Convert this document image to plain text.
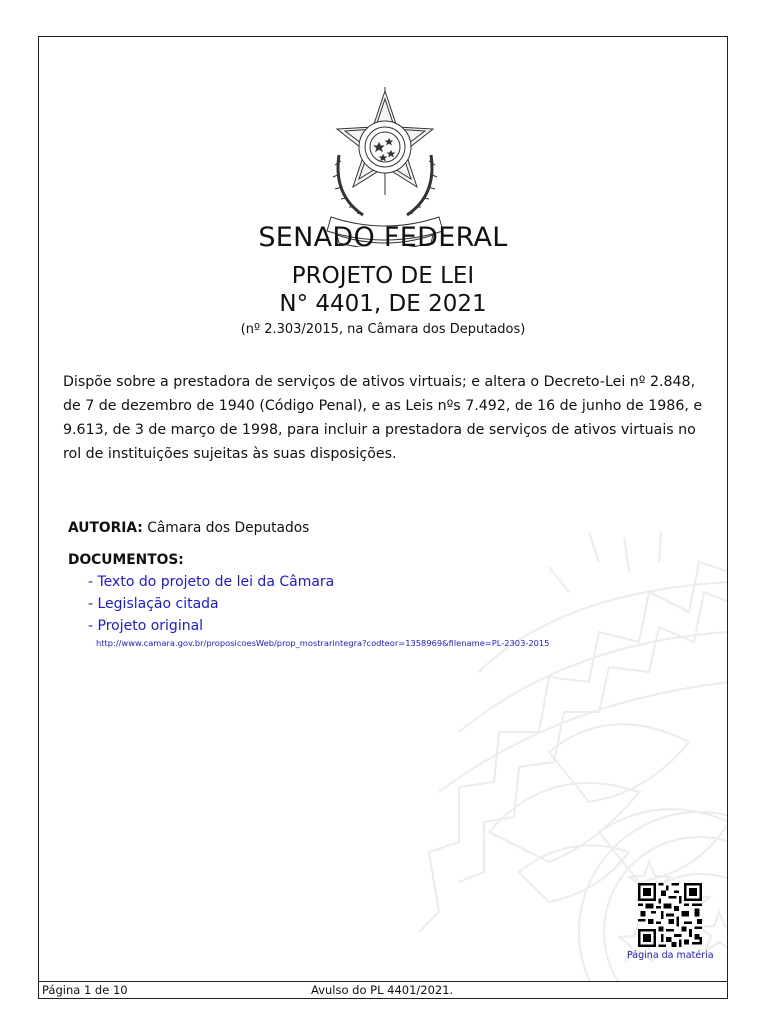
SENADO FEDERAL
PROJETO DE LEI
N° 4401, DE 2021
(nº 2.303/2015, na Câmara dos Deputados)
Dispõe sobre a prestadora de serviços de ativos virtuais; e altera o Decreto-Lei nº 2.848, de 7 de dezembro de 1940 (Código Penal), e as Leis nºs 7.492, de 16 de junho de 1986, e 9.613, de 3 de março de 1998, para incluir a prestadora de serviços de ativos virtuais no rol de instituições sujeitas às suas disposições.
AUTORIA: Câmara dos Deputados
DOCUMENTOS:
- Texto do projeto de lei da Câmara
- Legislação citada
- Projeto original
http://www.camara.gov.br/proposicoesWeb/prop_mostrarintegra?codteor=1358969&filename=PL-2303-2015
Página da matéria
Página 1 de 10	Avulso do PL 4401/2021.
